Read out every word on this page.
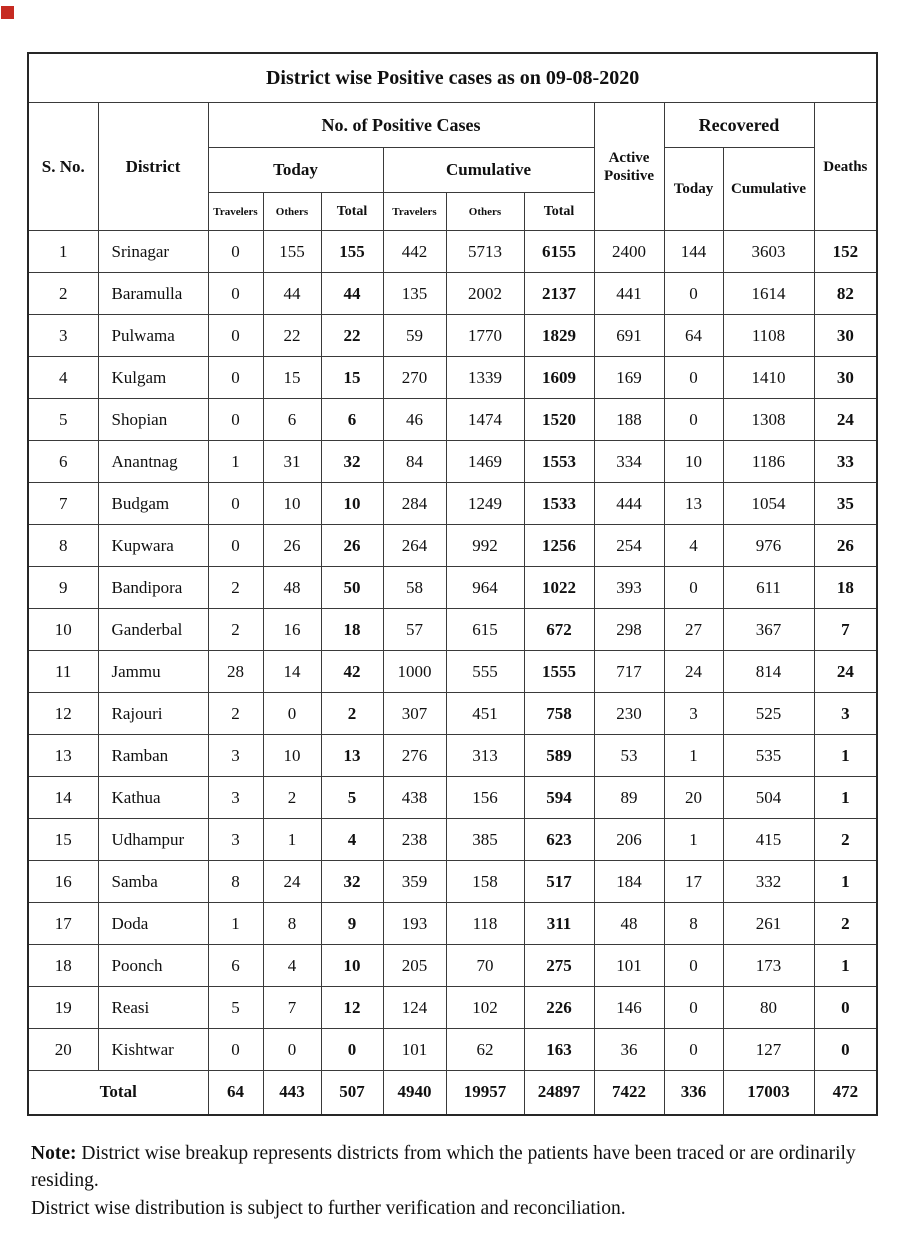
District wise Positive cases as on 09-08-2020											
S. No.	District	No. of Positive Cases						Active Positive	Recovered		Deaths
		Today			Cumulative				Today	Cumulative	
		Travelers	Others	Total	Travelers	Others	Total				
1	Srinagar	0	155	155	442	5713	6155	2400	144	3603	152
2	Baramulla	0	44	44	135	2002	2137	441	0	1614	82
3	Pulwama	0	22	22	59	1770	1829	691	64	1108	30
4	Kulgam	0	15	15	270	1339	1609	169	0	1410	30
5	Shopian	0	6	6	46	1474	1520	188	0	1308	24
6	Anantnag	1	31	32	84	1469	1553	334	10	1186	33
7	Budgam	0	10	10	284	1249	1533	444	13	1054	35
8	Kupwara	0	26	26	264	992	1256	254	4	976	26
9	Bandipora	2	48	50	58	964	1022	393	0	611	18
10	Ganderbal	2	16	18	57	615	672	298	27	367	7
11	Jammu	28	14	42	1000	555	1555	717	24	814	24
12	Rajouri	2	0	2	307	451	758	230	3	525	3
13	Ramban	3	10	13	276	313	589	53	1	535	1
14	Kathua	3	2	5	438	156	594	89	20	504	1
15	Udhampur	3	1	4	238	385	623	206	1	415	2
16	Samba	8	24	32	359	158	517	184	17	332	1
17	Doda	1	8	9	193	118	311	48	8	261	2
18	Poonch	6	4	10	205	70	275	101	0	173	1
19	Reasi	5	7	12	124	102	226	146	0	80	0
20	Kishtwar	0	0	0	101	62	163	36	0	127	0
Total		64	443	507	4940	19957	24897	7422	336	17003	472

Note: District wise breakup represents districts from which the patients have been traced or are ordinarily residing.

District wise distribution is subject to further verification and reconciliation.
